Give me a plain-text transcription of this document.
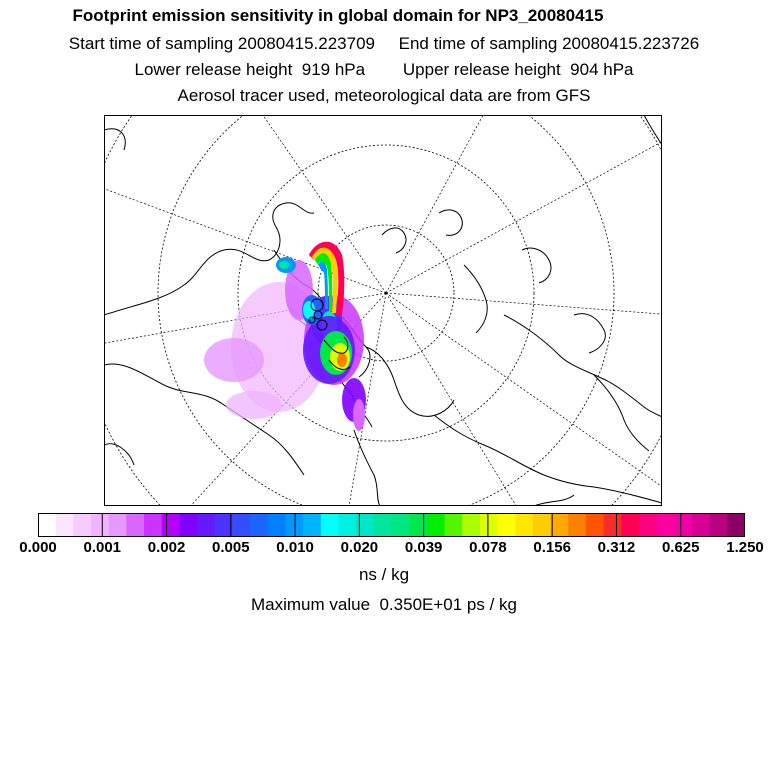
Footprint emission sensitivity in global domain for NP3_20080415
Start time of sampling 20080415.223709     End time of sampling 20080415.223726
Lower release height  919 hPa        Upper release height  904 hPa
Aerosol tracer used, meteorological data are from GFS
0.000 0.001 0.002 0.005 0.010 0.020 0.039 0.078 0.156 0.312 0.625 1.250
ns / kg
Maximum value  0.350E+01 ps / kg
